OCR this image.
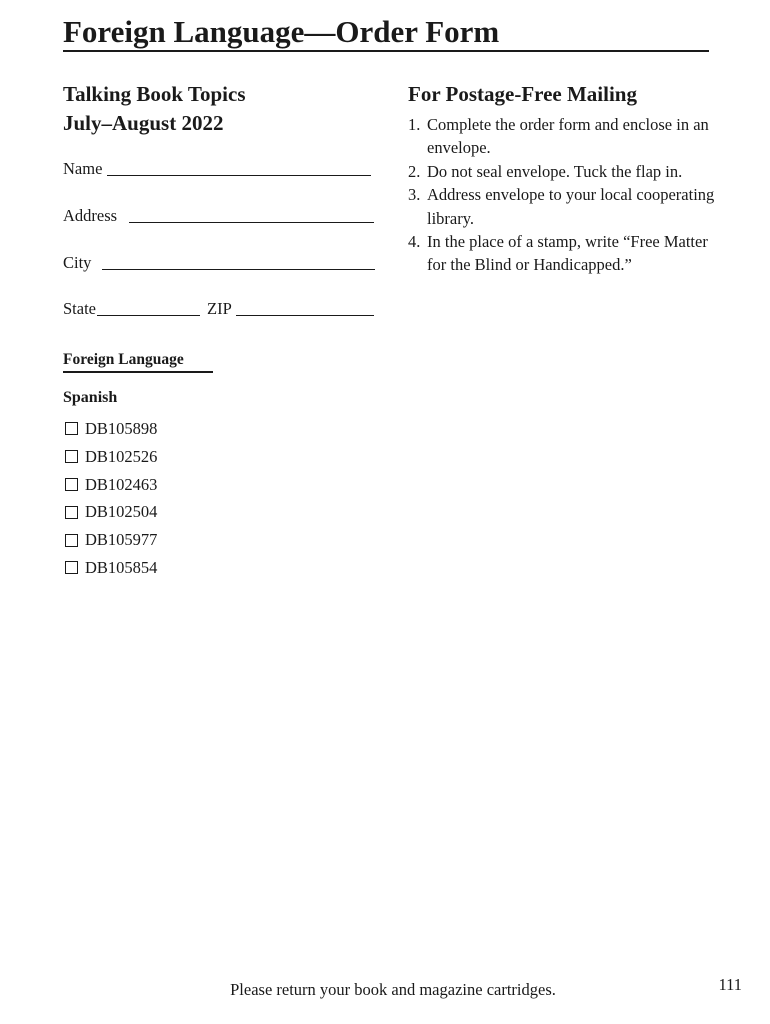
Foreign Language—Order Form
Talking Book Topics
July–August 2022
Name
Address
City
State	ZIP
Foreign Language
Spanish
DB105898
DB102526
DB102463
DB102504
DB105977
DB105854
For Postage-Free Mailing
1. Complete the order form and enclose in an envelope.
2. Do not seal envelope. Tuck the flap in.
3. Address envelope to your local cooperating library.
4. In the place of a stamp, write “Free Matter for the Blind or Handicapped.”
Please return your book and magazine cartridges.	111
